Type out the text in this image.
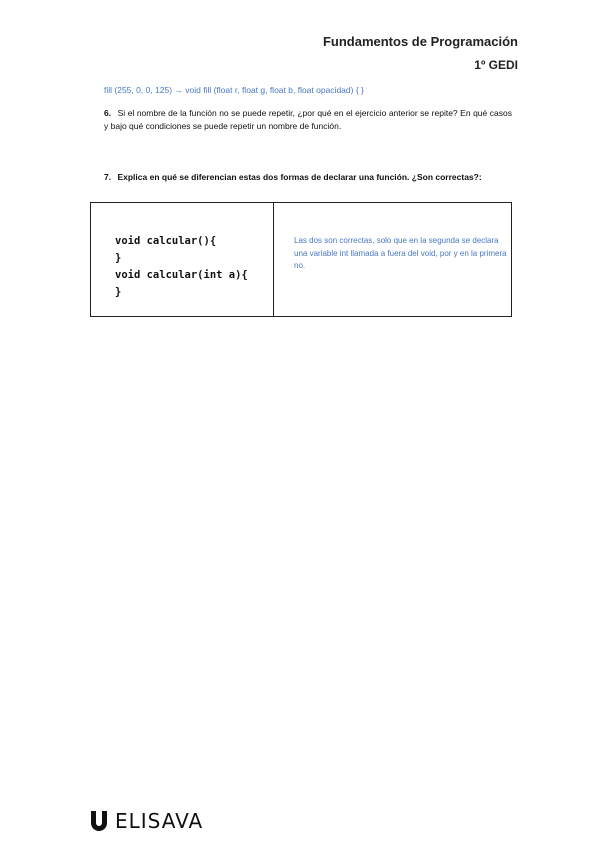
Fundamentos de Programación
1º GEDI
fill (255, 0, 0, 125) → void fill (float r, float g, float b, float opacidad) { }
6. Si el nombre de la función no se puede repetir, ¿por qué en el ejercicio anterior se repite? En qué casos y bajo qué condiciones se puede repetir un nombre de función.
7. Explica en qué se diferencian estas dos formas de declarar una función. ¿Son correctas?:
void calcular(){
}
void calcular(int a){
}
Las dos son correctas, solo que en la segunda se declara una variable int llamada a fuera del void, por y en la primera no.
ELISAVA
